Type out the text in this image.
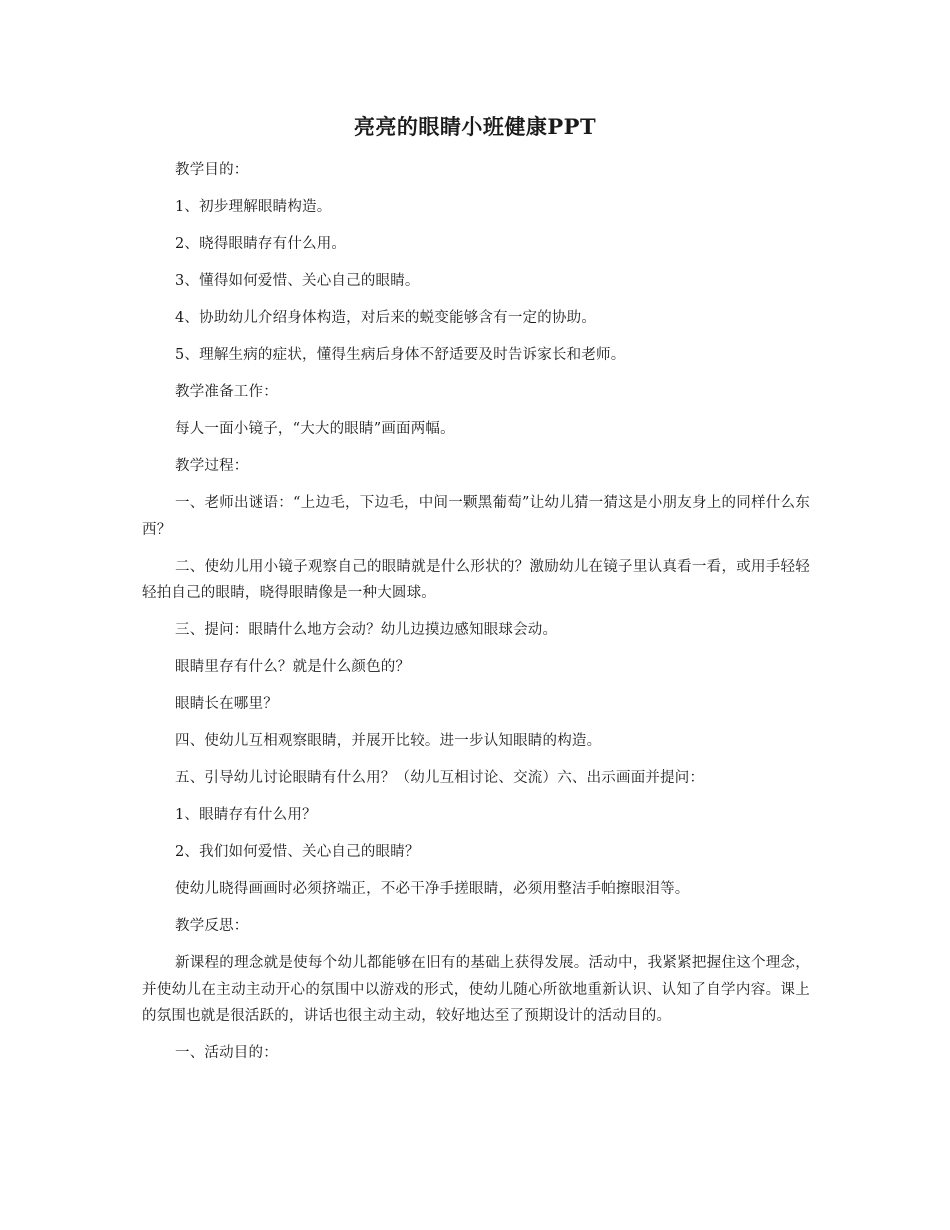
亮亮的眼睛小班健康PPT

教学目的：

1、初步理解眼睛构造。

2、晓得眼睛存有什么用。

3、懂得如何爱惜、关心自己的眼睛。

4、协助幼儿介绍身体构造，对后来的蜕变能够含有一定的协助。

5、理解生病的症状，懂得生病后身体不舒适要及时告诉家长和老师。

教学准备工作：

每人一面小镜子，“大大的眼睛”画面两幅。

教学过程：

一、老师出谜语：“上边毛，下边毛，中间一颗黑葡萄”让幼儿猜一猜这是小朋友身上的同样什么东西？

二、使幼儿用小镜子观察自己的眼睛就是什么形状的？激励幼儿在镜子里认真看一看，或用手轻轻轻拍自己的眼睛，晓得眼睛像是一种大圆球。

三、提问：眼睛什么地方会动？幼儿边摸边感知眼球会动。

眼睛里存有什么？就是什么颜色的？

眼睛长在哪里？

四、使幼儿互相观察眼睛，并展开比较。进一步认知眼睛的构造。

五、引导幼儿讨论眼睛有什么用？（幼儿互相讨论、交流）六、出示画面并提问：

1、眼睛存有什么用？

2、我们如何爱惜、关心自己的眼睛？

使幼儿晓得画画时必须挤端正，不必干净手搓眼睛，必须用整洁手帕擦眼泪等。

教学反思：

新课程的理念就是使每个幼儿都能够在旧有的基础上获得发展。活动中，我紧紧把握住这个理念，并使幼儿在主动主动开心的氛围中以游戏的形式，使幼儿随心所欲地重新认识、认知了自学内容。课上的氛围也就是很活跃的，讲话也很主动主动，较好地达至了预期设计的活动目的。

一、活动目的：
